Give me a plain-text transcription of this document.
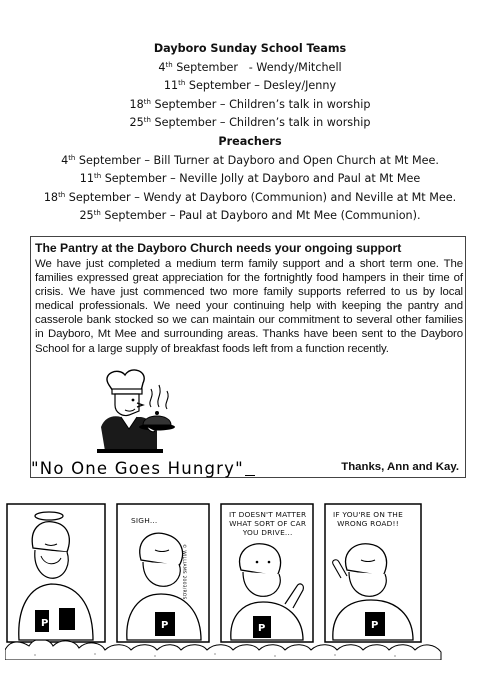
Dayboro Sunday School Teams
4th September   - Wendy/Mitchell
11th September – Desley/Jenny
18th September – Children’s talk in worship
25th September – Children’s talk in worship
Preachers
4th September – Bill Turner at Dayboro and Open Church at Mt Mee.
11th September – Neville Jolly at Dayboro and Paul at Mt Mee
18th September – Wendy at Dayboro (Communion) and Neville at Mt Mee.
25th September – Paul at Dayboro and Mt Mee (Communion).
The Pantry at the Dayboro Church needs your ongoing support
We have just completed a medium term family support and a short term one. The families expressed great appreciation for the fortnightly food hampers in their time of crisis. We have just commenced two more family supports referred to us by local medical professionals. We need your continuing help with keeping the pantry and casserole bank stocked so we can maintain our commitment to several other families in Dayboro, Mt Mee and surrounding areas. Thanks have been sent to the Dayboro School for a large supply of breakfast foods left from a function recently.
"No One Goes Hungry"	Thanks, Ann and Kay.
P	P	P	P
SIGH...
IT DOESN'T MATTER
WHAT SORT OF CAR
YOU DRIVE...
IF YOU'RE ON THE
WRONG ROAD!!
© WILLIAMS 2003/ROS
